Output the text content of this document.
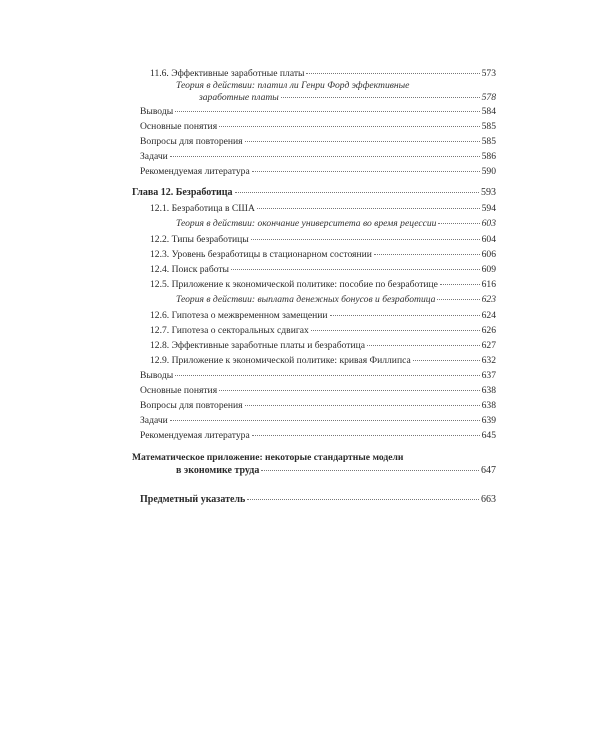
11.6. Эффективные заработные платы	573
Теория в действии: платил ли Генри Форд эффективные
заработные платы	578
Выводы	584
Основные понятия	585
Вопросы для повторения	585
Задачи	586
Рекомендуемая литература	590
Глава 12. Безработица	593
12.1. Безработица в США	594
Теория в действии: окончание университета во время рецессии	603
12.2. Типы безработицы	604
12.3. Уровень безработицы в стационарном состоянии	606
12.4. Поиск работы	609
12.5. Приложение к экономической политике: пособие по безработице	616
Теория в действии: выплата денежных бонусов и безработица	623
12.6. Гипотеза о межвременном замещении	624
12.7. Гипотеза о секторальных сдвигах	626
12.8. Эффективные заработные платы и безработица	627
12.9. Приложение к экономической политике: кривая Филлипса	632
Выводы	637
Основные понятия	638
Вопросы для повторения	638
Задачи	639
Рекомендуемая литература	645
Математическое приложение: некоторые стандартные модели
в экономике труда	647
Предметный указатель	663
